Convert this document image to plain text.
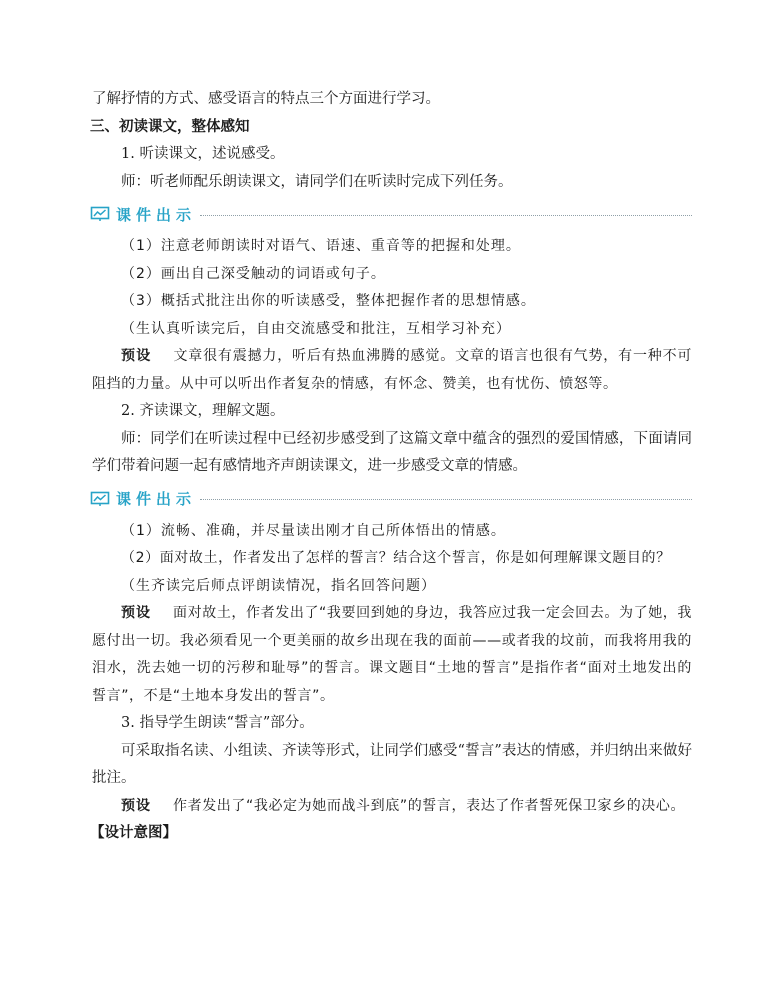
了解抒情的方式、感受语言的特点三个方面进行学习。

三、初读课文，整体感知

1. 听读课文，述说感受。

师：听老师配乐朗读课文，请同学们在听读时完成下列任务。

课件出示

（1）注意老师朗读时对语气、语速、重音等的把握和处理。

（2）画出自己深受触动的词语或句子。

（3）概括式批注出你的听读感受，整体把握作者的思想情感。

（生认真听读完后，自由交流感受和批注，互相学习补充）

预设 文章很有震撼力，听后有热血沸腾的感觉。文章的语言也很有气势，有一种不可阻挡的力量。从中可以听出作者复杂的情感，有怀念、赞美，也有忧伤、愤怒等。

2. 齐读课文，理解文题。

师：同学们在听读过程中已经初步感受到了这篇文章中蕴含的强烈的爱国情感，下面请同学们带着问题一起有感情地齐声朗读课文，进一步感受文章的情感。

课件出示

（1）流畅、准确，并尽量读出刚才自己所体悟出的情感。

（2）面对故土，作者发出了怎样的誓言？结合这个誓言，你是如何理解课文题目的？

（生齐读完后师点评朗读情况，指名回答问题）

预设 面对故土，作者发出了“我要回到她的身边，我答应过我一定会回去。为了她，我愿付出一切。我必须看见一个更美丽的故乡出现在我的面前——或者我的坟前，而我将用我的泪水，洗去她一切的污秽和耻辱”的誓言。课文题目“土地的誓言”是指作者“面对土地发出的誓言”，不是“土地本身发出的誓言”。

3. 指导学生朗读“誓言”部分。

可采取指名读、小组读、齐读等形式，让同学们感受“誓言”表达的情感，并归纳出来做好批注。

预设 作者发出了“我必定为她而战斗到底”的誓言，表达了作者誓死保卫家乡的决心。

【设计意图】
